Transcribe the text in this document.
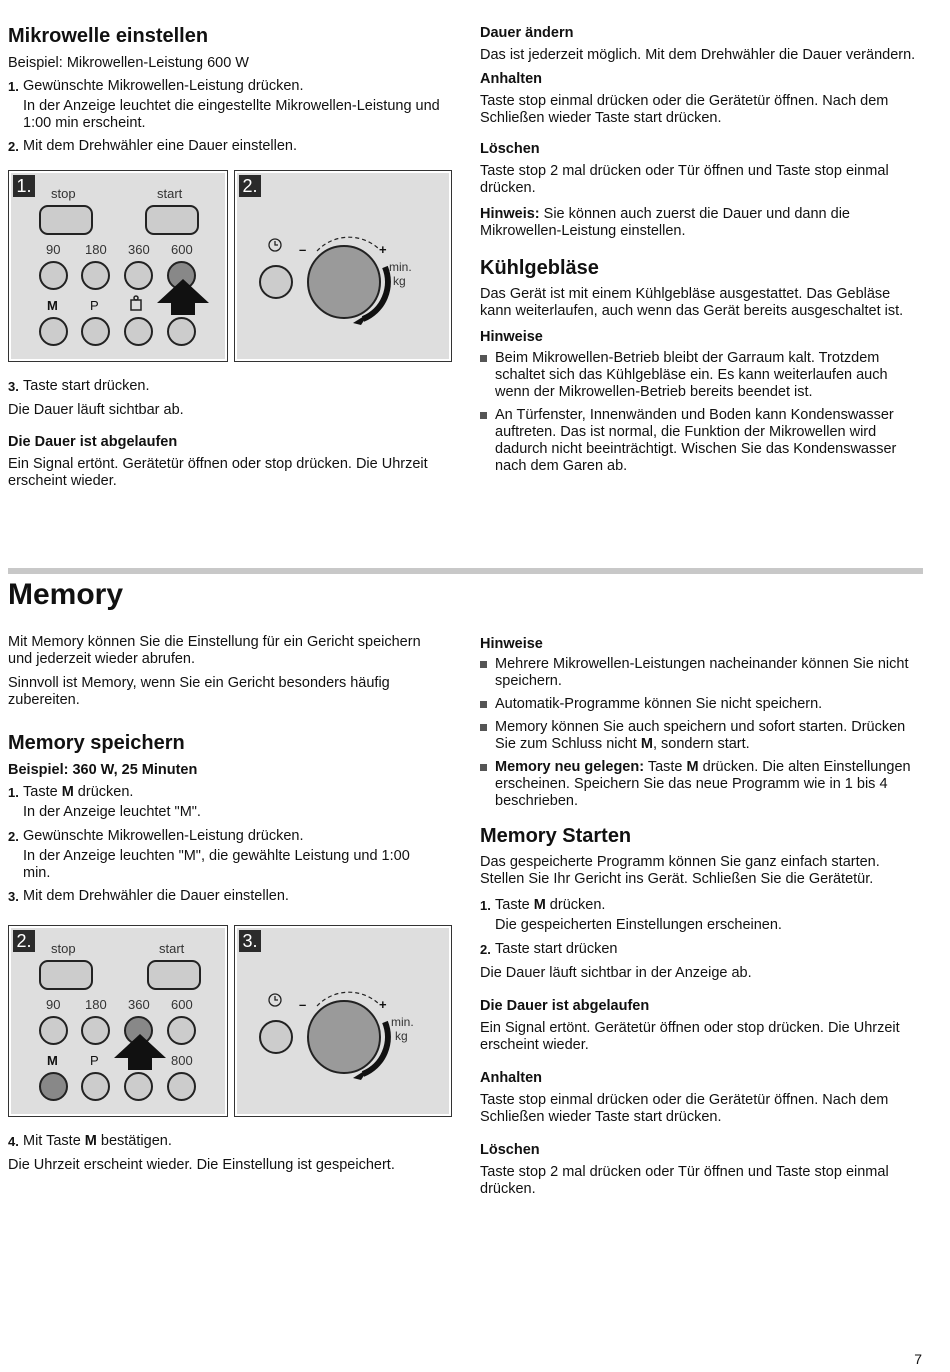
Mikrowelle einstellen

Beispiel: Mikrowellen-Leistung 600 W

1. Gewünschte Mikrowellen-Leistung drücken.

In der Anzeige leuchtet die eingestellte Mikrowellen-Leistung und 1:00 min erscheint.

2. Mit dem Drehwähler eine Dauer einstellen.
1. stop	start
90 180 360 600
M P
2.
–	+
min.
kg
3. Taste start drücken.

Die Dauer läuft sichtbar ab.

Die Dauer ist abgelaufen

Ein Signal ertönt. Gerätetür öffnen oder stop drücken. Die Uhrzeit erscheint wieder.

Dauer ändern

Das ist jederzeit möglich. Mit dem Drehwähler die Dauer verändern.

Anhalten

Taste stop einmal drücken oder die Gerätetür öffnen. Nach dem Schließen wieder Taste start drücken.

Löschen

Taste stop 2 mal drücken oder Tür öffnen und Taste stop einmal drücken.

Hinweis: Sie können auch zuerst die Dauer und dann die Mikrowellen-Leistung einstellen.

Kühlgebläse

Das Gerät ist mit einem Kühlgebläse ausgestattet. Das Gebläse kann weiterlaufen, auch wenn das Gerät bereits ausgeschaltet ist.

Hinweise
Beim Mikrowellen-Betrieb bleibt der Garraum kalt. Trotzdem schaltet sich das Kühlgebläse ein. Es kann weiterlaufen auch wenn der Mikrowellen-Betrieb bereits beendet ist.
An Türfenster, Innenwänden und Boden kann Kondenswasser auftreten. Das ist normal, die Funktion der Mikrowellen wird dadurch nicht beeinträchtigt. Wischen Sie das Kondenswasser nach dem Garen ab.
Memory

Mit Memory können Sie die Einstellung für ein Gericht speichern und jederzeit wieder abrufen.

Sinnvoll ist Memory, wenn Sie ein Gericht besonders häufig zubereiten.

Memory speichern
Beispiel: 360 W, 25 Minuten
1. Taste M drücken.

In der Anzeige leuchtet "M".

2. Gewünschte Mikrowellen-Leistung drücken.

In der Anzeige leuchten "M", die gewählte Leistung und 1:00 min.

3. Mit dem Drehwähler die Dauer einstellen.
2. stop	start
90 180 360 600
M P	800
3.
–	+
min.
kg
4. Mit Taste M bestätigen.

Die Uhrzeit erscheint wieder. Die Einstellung ist gespeichert.

Hinweise
Mehrere Mikrowellen-Leistungen nacheinander können Sie nicht speichern.
Automatik-Programme können Sie nicht speichern.
Memory können Sie auch speichern und sofort starten. Drücken Sie zum Schluss nicht M, sondern start.
Memory neu gelegen: Taste M drücken. Die alten Einstellungen erscheinen. Speichern Sie das neue Programm wie in 1 bis 4 beschrieben.
Memory Starten

Das gespeicherte Programm können Sie ganz einfach starten. Stellen Sie Ihr Gericht ins Gerät. Schließen Sie die Gerätetür.

1. Taste M drücken.

Die gespeicherten Einstellungen erscheinen.

2. Taste start drücken

Die Dauer läuft sichtbar in der Anzeige ab.

Die Dauer ist abgelaufen

Ein Signal ertönt. Gerätetür öffnen oder stop drücken. Die Uhrzeit erscheint wieder.

Anhalten

Taste stop einmal drücken oder die Gerätetür öffnen. Nach dem Schließen wieder Taste start drücken.

Löschen

Taste stop 2 mal drücken oder Tür öffnen und Taste stop einmal drücken.

7
